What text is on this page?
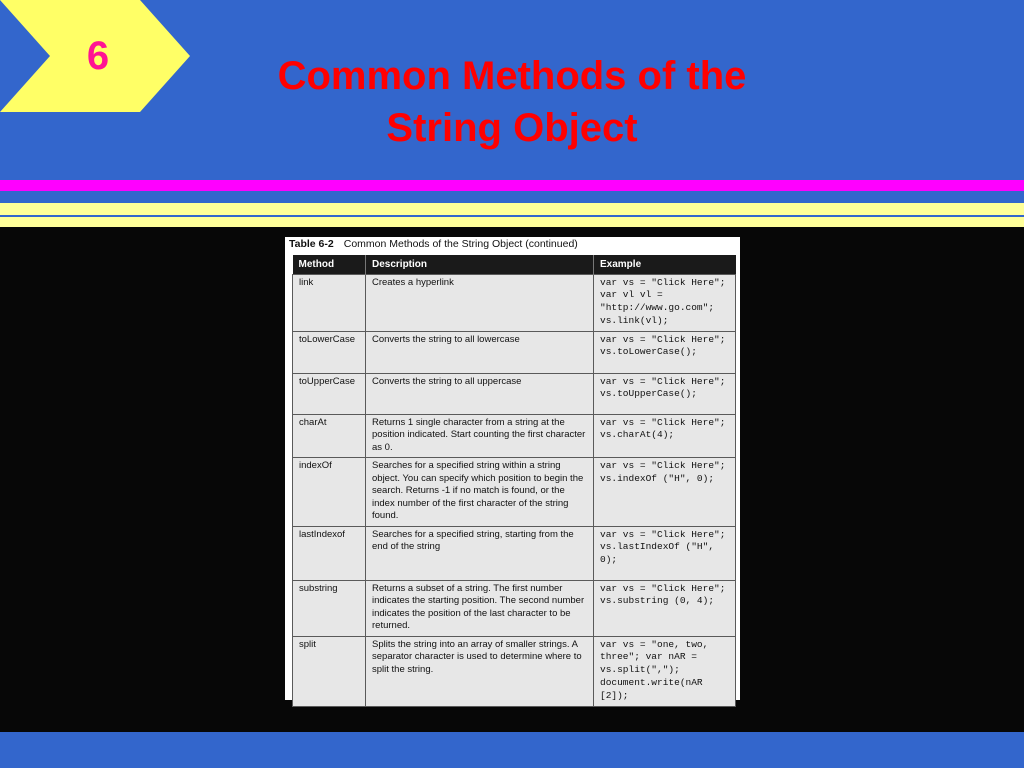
6	Common Methods of the
String Object
Table 6-2 Common Methods of the String Object (continued)
Method	Description	Example
link	Creates a hyperlink	var vs = "Click Here"; var vl vl = "http://www.go.com"; vs.link(vl);
toLowerCase	Converts the string to all lowercase	var vs = "Click Here"; vs.toLowerCase();
toUpperCase	Converts the string to all uppercase	var vs = "Click Here"; vs.toUpperCase();
charAt	Returns 1 single character from a string at the position indicated. Start counting the first character as 0.	var vs = "Click Here"; vs.charAt(4);
indexOf	Searches for a specified string within a string object. You can specify which position to begin the search. Returns -1 if no match is found, or the index number of the first character of the string found.	var vs = "Click Here"; vs.indexOf ("H", 0);
lastIndexof	Searches for a specified string, starting from the end of the string	var vs = "Click Here"; vs.lastIndexOf ("H", 0);
substring	Returns a subset of a string. The first number indicates the starting position. The second number indicates the position of the last character to be returned.	var vs = "Click Here"; vs.substring (0, 4);
split	Splits the string into an array of smaller strings. A separator character is used to determine where to split the string.	var vs = "one, two, three"; var nAR = vs.split(","); document.write(nAR [2]);
